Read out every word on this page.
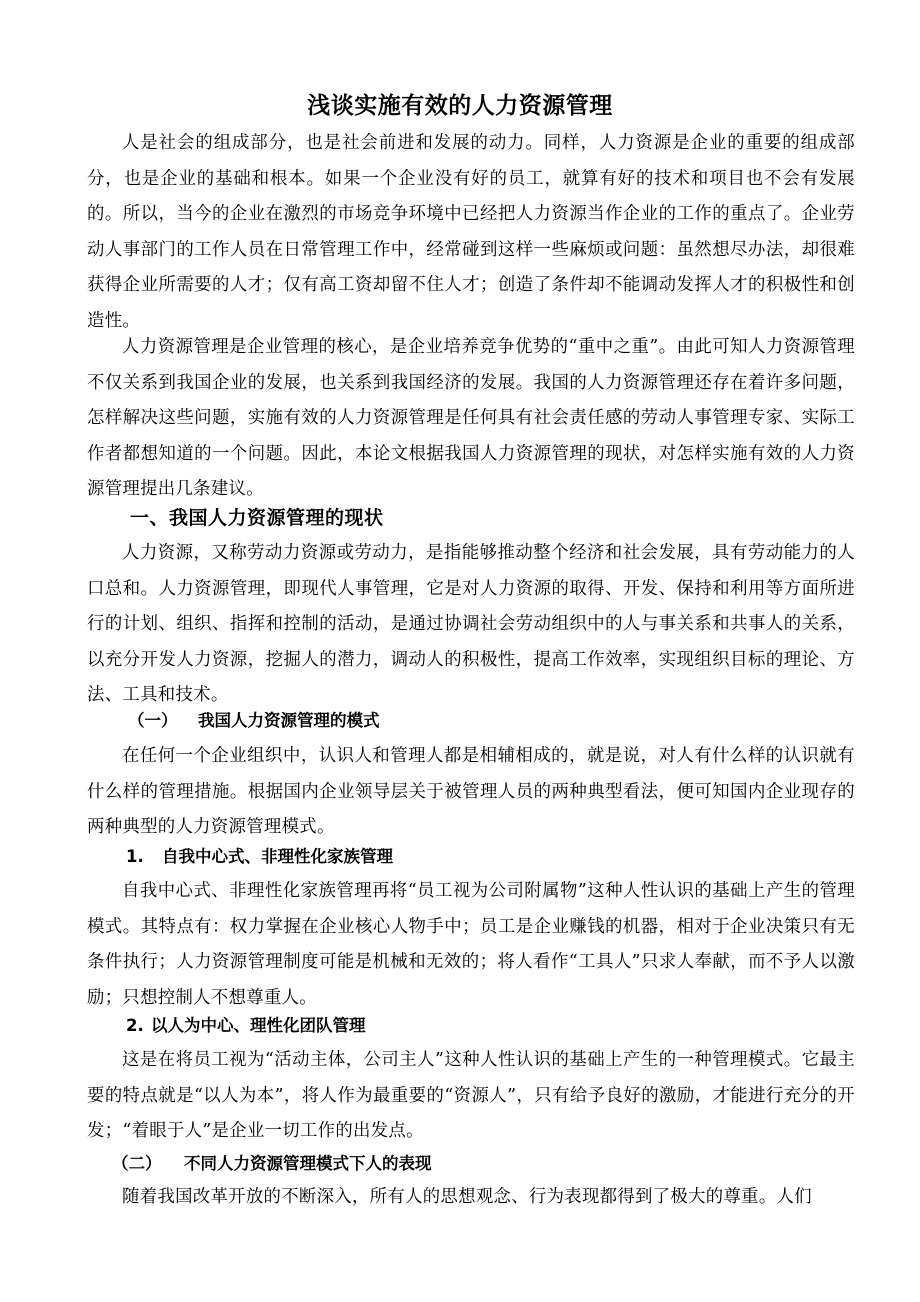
浅谈实施有效的人力资源管理

人是社会的组成部分，也是社会前进和发展的动力。同样，人力资源是企业的重要的组成部分，也是企业的基础和根本。如果一个企业没有好的员工，就算有好的技术和项目也不会有发展的。所以，当今的企业在激烈的市场竞争环境中已经把人力资源当作企业的工作的重点了。企业劳动人事部门的工作人员在日常管理工作中，经常碰到这样一些麻烦或问题：虽然想尽办法，却很难获得企业所需要的人才；仅有高工资却留不住人才；创造了条件却不能调动发挥人才的积极性和创造性。

人力资源管理是企业管理的核心，是企业培养竞争优势的“重中之重”。由此可知人力资源管理不仅关系到我国企业的发展，也关系到我国经济的发展。我国的人力资源管理还存在着许多问题，怎样解决这些问题，实施有效的人力资源管理是任何具有社会责任感的劳动人事管理专家、实际工作者都想知道的一个问题。因此，本论文根据我国人力资源管理的现状，对怎样实施有效的人力资源管理提出几条建议。

一、我国人力资源管理的现状

人力资源，又称劳动力资源或劳动力，是指能够推动整个经济和社会发展，具有劳动能力的人口总和。人力资源管理，即现代人事管理，它是对人力资源的取得、开发、保持和利用等方面所进行的计划、组织、指挥和控制的活动，是通过协调社会劳动组织中的人与事关系和共事人的关系，以充分开发人力资源，挖掘人的潜力，调动人的积极性，提高工作效率，实现组织目标的理论、方法、工具和技术。

（一） 我国人力资源管理的模式

在任何一个企业组织中，认识人和管理人都是相辅相成的，就是说，对人有什么样的认识就有什么样的管理措施。根据国内企业领导层关于被管理人员的两种典型看法，便可知国内企业现存的两种典型的人力资源管理模式。

1. 自我中心式、非理性化家族管理

自我中心式、非理性化家族管理再将“员工视为公司附属物”这种人性认识的基础上产生的管理模式。其特点有：权力掌握在企业核心人物手中；员工是企业赚钱的机器，相对于企业决策只有无条件执行；人力资源管理制度可能是机械和无效的；将人看作“工具人”只求人奉献，而不予人以激励；只想控制人不想尊重人。

2. 以人为中心、理性化团队管理

这是在将员工视为“活动主体，公司主人”这种人性认识的基础上产生的一种管理模式。它最主要的特点就是“以人为本”，将人作为最重要的“资源人”，只有给予良好的激励，才能进行充分的开发；“着眼于人”是企业一切工作的出发点。

（二） 不同人力资源管理模式下人的表现

随着我国改革开放的不断深入，所有人的思想观念、行为表现都得到了极大的尊重。人们
